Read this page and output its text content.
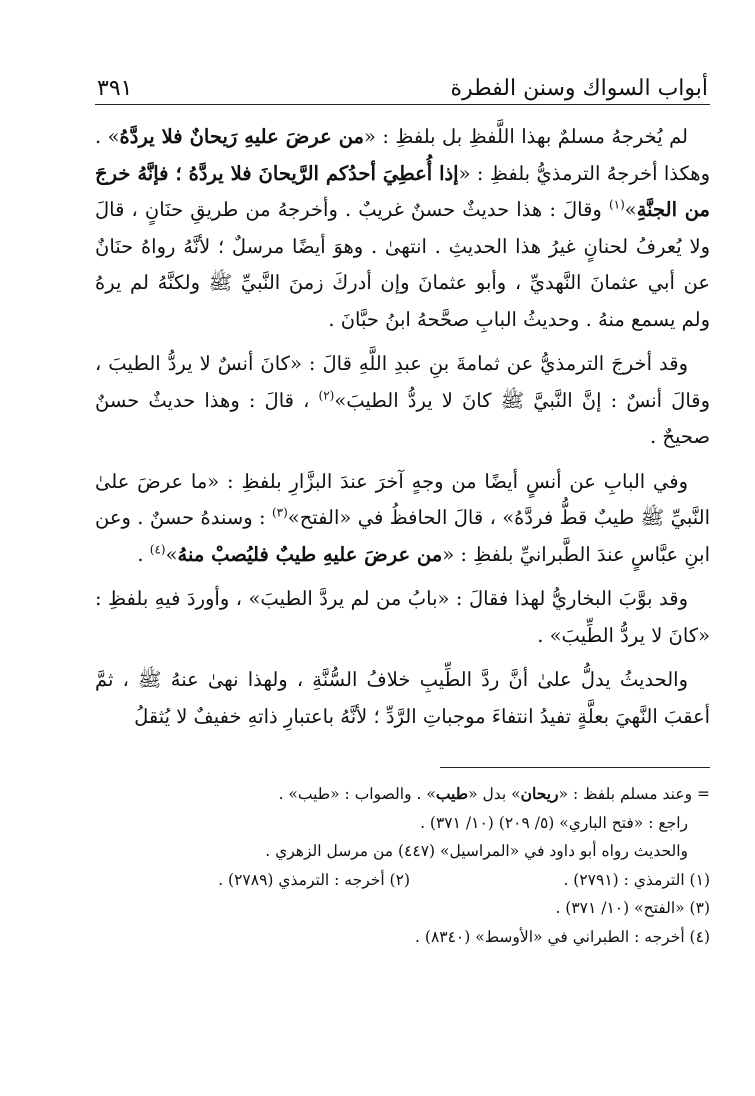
أبواب السواك وسنن الفطرة
٣٩١

لم يُخرجهُ مسلمٌ بهذا اللَّفظِ بل بلفظِ : «من عرضَ عليهِ رَيحانٌ فلا يردَّهُ» . وهكذا أخرجهُ الترمذيُّ بلفظِ : «إذا أُعطِيَ أحدُكم الرَّيحانَ فلا يردَّهُ ؛ فإنَّهُ خرجَ من الجنَّةِ»$^{(١)}$ وقالَ : هذا حديثٌ حسنٌ غريبٌ . وأخرجهُ من طريقِ حنَانٍ ، قالَ ولا يُعرفُ لحنانٍ غيرُ هذا الحديثِ . انتهىٰ . وهوَ أيضًا مرسلٌ ؛ لأنَّهُ رواهُ حنَانٌ عن أبي عثمانَ النَّهديِّ ، وأبو عثمانَ وإن أدركَ زمنَ النَّبيِّ ﷺ ولكنَّهُ لم يرهُ ولم يسمع منهُ . وحديثُ البابِ صحَّحهُ ابنُ حبَّانَ .

وقد أخرجَ الترمذيُّ عن ثمامةَ بنِ عبدِ اللَّهِ قالَ : «كانَ أنسٌ لا يردُّ الطيبَ ، وقالَ أنسٌ : إنَّ النَّبيَّ ﷺ كانَ لا يردُّ الطيبَ»$^{(٢)}$ ، قالَ : وهذا حديثٌ حسنٌ صحيحٌ .

وفي البابِ عن أنسٍ أيضًا من وجهٍ آخرَ عندَ البزَّارِ بلفظِ : «ما عرضَ علىٰ النَّبيِّ ﷺ طيبٌ قطُّ فردَّهُ» ، قالَ الحافظُ في «الفتح»$^{(٣)}$ : وسندهُ حسنٌ . وعن ابنِ عبَّاسٍ عندَ الطَّبرانيِّ بلفظِ : «من عرضَ عليهِ طيبٌ فليُصبْ منهُ»$^{(٤)}$ .

وقد بوَّبَ البخاريُّ لهذا فقالَ : «بابُ من لم يردَّ الطيبَ» ، وأوردَ فيهِ بلفظِ : «كانَ لا يردُّ الطِّيبَ» .

والحديثُ يدلُّ علىٰ أنَّ ردَّ الطِّيبِ خلافُ السُّنَّةِ ، ولهذا نهىٰ عنهُ ﷺ ، ثمَّ أعقبَ النَّهيَ بعلَّةٍ تفيدُ انتفاءَ موجباتِ الرَّدِّ ؛ لأنَّهُ باعتبارِ ذاتهِ خفيفٌ لا يُثقلُ

= وعند مسلم بلفظ : «ريحان» بدل «طيب» . والصواب : «طيب» .
راجع : «فتح الباري» (٥/ ٢٠٩) (١٠/ ٣٧١) .
والحديث رواه أبو داود في «المراسيل» (٤٤٧) من مرسل الزهري .
(١) الترمذي : (٢٧٩١) .
(٢) أخرجه : الترمذي (٢٧٨٩) .
(٣) «الفتح» (١٠/ ٣٧١) .
(٤) أخرجه : الطبراني في «الأوسط» (٨٣٤٠) .
